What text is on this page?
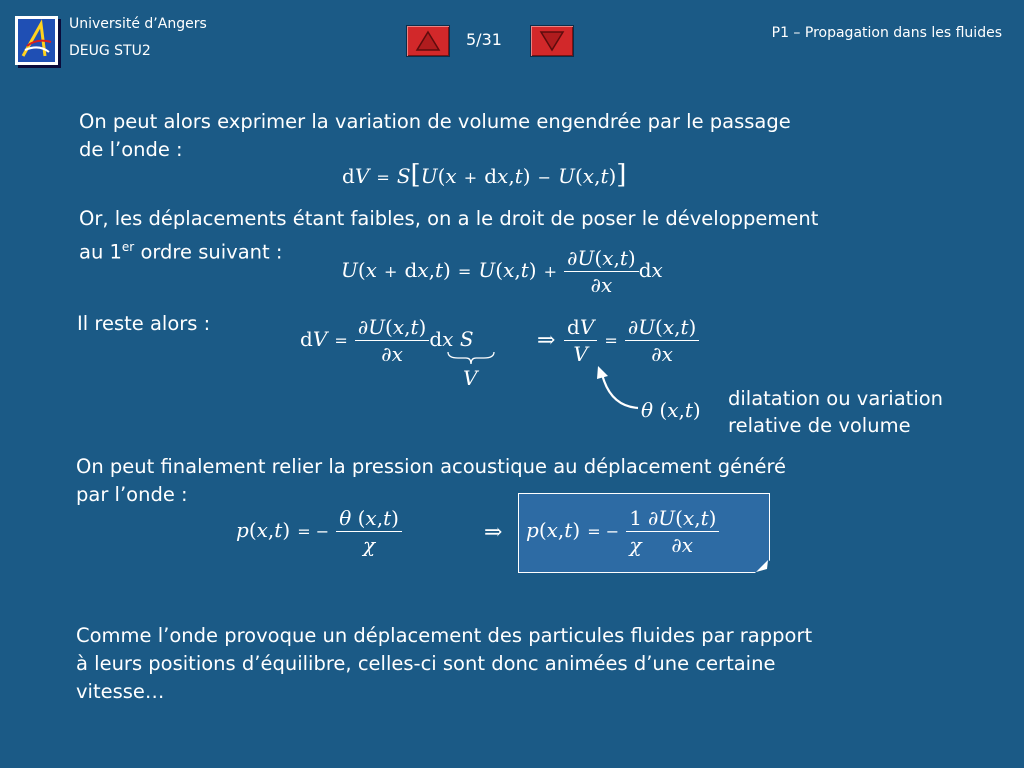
Université d’Angers
DEUG STU2
5/31	P1 – Propagation dans les fluides
On peut alors exprimer la variation de volume engendrée par le passage
de l’onde :
dV = S[U(x + dx,t) − U(x,t)]
Or, les déplacements étant faibles, on a le droit de poser le développement
au 1er ordre suivant :
$U(x + dx,t) = U(x,t) + \frac{\partial U(x,t)}{\partial x}$ dx
Il reste alors :
dV = $\frac{\partial U(x,t)}{\partial x}$ dx S
V
⇒ $\frac{dV}{V} = \frac{\partial U(x,t)}{\partial x}$
θ (x,t) dilatation ou variation
relative de volume
On peut finalement relier la pression acoustique au déplacement généré
par l’onde :
p(x,t) = − $\frac{\theta (x,t)}{\chi}$	⇒ p(x,t) = − $\frac{1}{\chi} \frac{\partial U(x,t)}{\partial x}$
Comme l’onde provoque un déplacement des particules fluides par rapport
à leurs positions d’équilibre, celles-ci sont donc animées d’une certaine
vitesse…
